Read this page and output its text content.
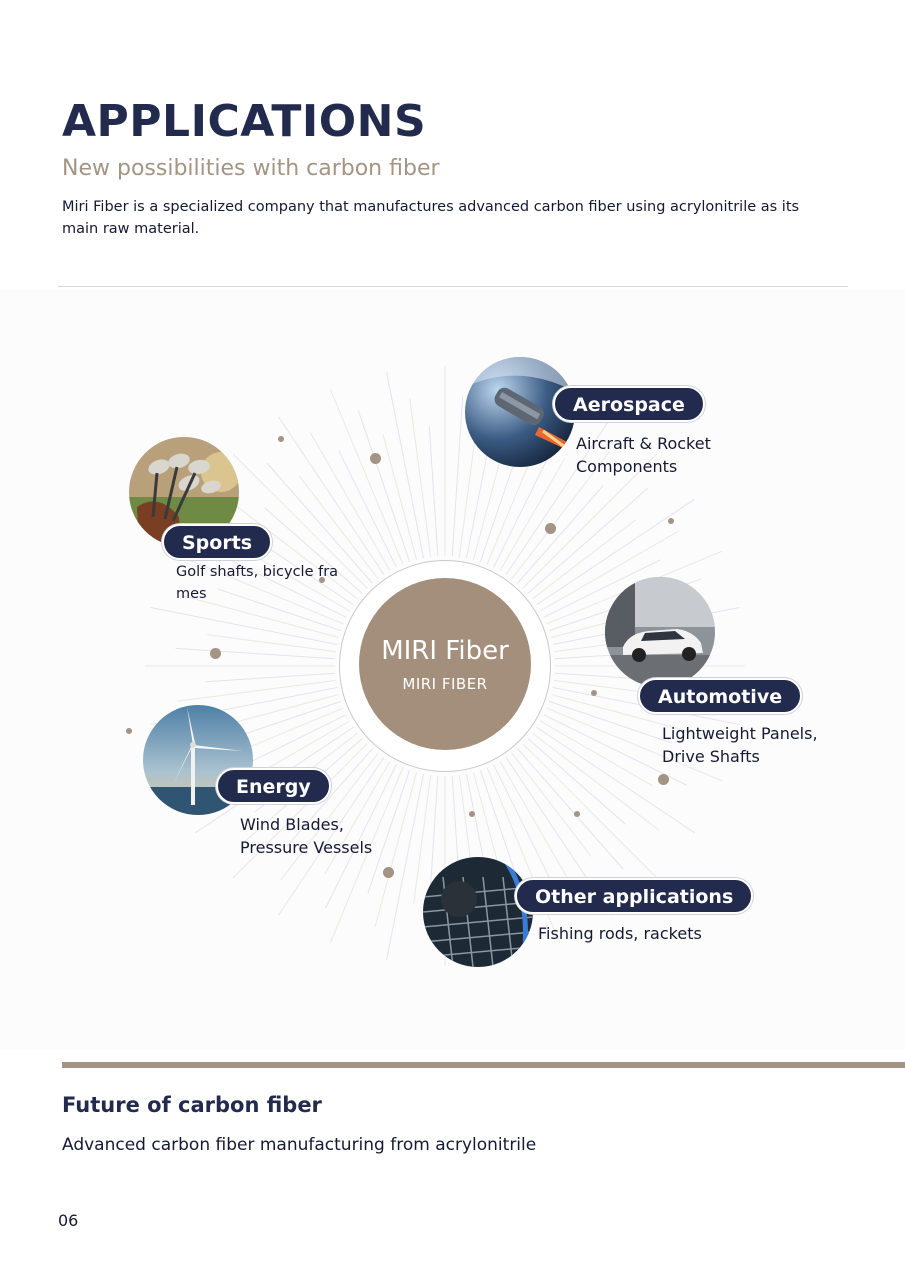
APPLICATIONS
New possibilities with carbon fiber
Miri Fiber is a specialized company that manufactures advanced carbon fiber using acrylonitrile as its main raw material.
MIRI Fiber
MIRI FIBER
Aerospace
Aircraft & Rocket
Components
Sports
Golf shafts, bicycle fra
mes
Automotive
Lightweight Panels,
Drive Shafts
Energy
Wind Blades,
Pressure Vessels
Other applications
Fishing rods, rackets
Future of carbon fiber
Advanced carbon fiber manufacturing from acrylonitrile
06
